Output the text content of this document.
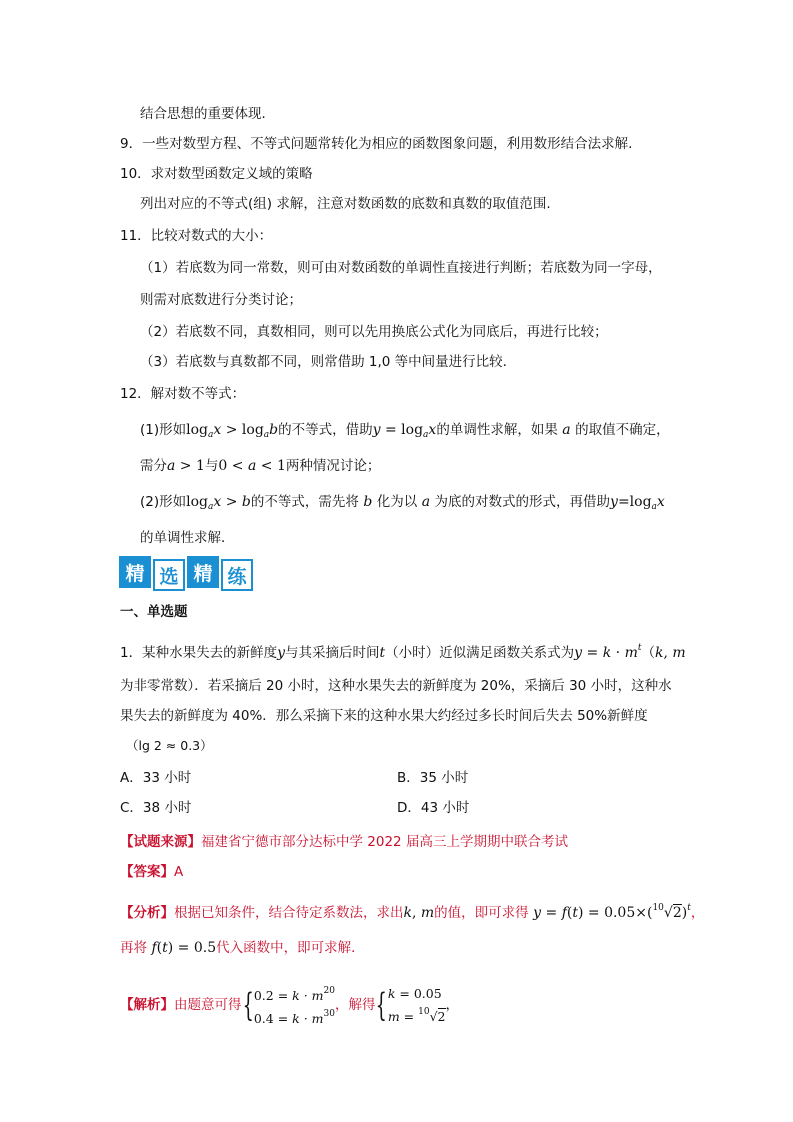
结合思想的重要体现．
9．一些对数型方程、不等式问题常转化为相应的函数图象问题，利用数形结合法求解.
10．求对数型函数定义域的策略
列出对应的不等式(组) 求解，注意对数函数的底数和真数的取值范围.
11．比较对数式的大小：
（1）若底数为同一常数，则可由对数函数的单调性直接进行判断；若底数为同一字母，
则需对底数进行分类讨论；
（2）若底数不同，真数相同，则可以先用换底公式化为同底后，再进行比较；
（3）若底数与真数都不同，则常借助 1,0 等中间量进行比较．
12．解对数不等式：
(1)形如$\log_ax > \log_ab$的不等式，借助$y = \log_ax$的单调性求解，如果 a 的取值不确定，
需分a > 1与0 < a < 1两种情况讨论；
(2)形如$\log_ax > b$的不等式，需先将 b 化为以 a 为底的对数式的形式，再借助$y=\log_ax$
的单调性求解．
精 选 精 练
一、单选题
1．某种水果失去的新鲜度y与其采摘后时间t（小时）近似满足函数关系式为$y = k \cdot m^t(k$, m
为非零常数）．若采摘后 20 小时，这种水果失去的新鲜度为 20%，采摘后 30 小时，这种水
果失去的新鲜度为 40%．那么采摘下来的这种水果大约经过多长时间后失去 50%新鲜度
（lg 2 ≈ 0.3）
A．33 小时	B．35 小时
C．38 小时	D．43 小时
【试题来源】福建省宁德市部分达标中学 2022 届高三上学期期中联合考试
【答案】A
【分析】根据已知条件，结合待定系数法，求出k, m的值，即可求得 $y = f(t) = 0.05\times(^{10}√2)^t$，
再将 f(t) = 0.5代入函数中，即可求解．
【解析】由题意可得{$0.2 = k \cdot m^{20}$
$0.4 = k \cdot m^{30}$，解得{k = 0.05
m = $^{10}$√2，
